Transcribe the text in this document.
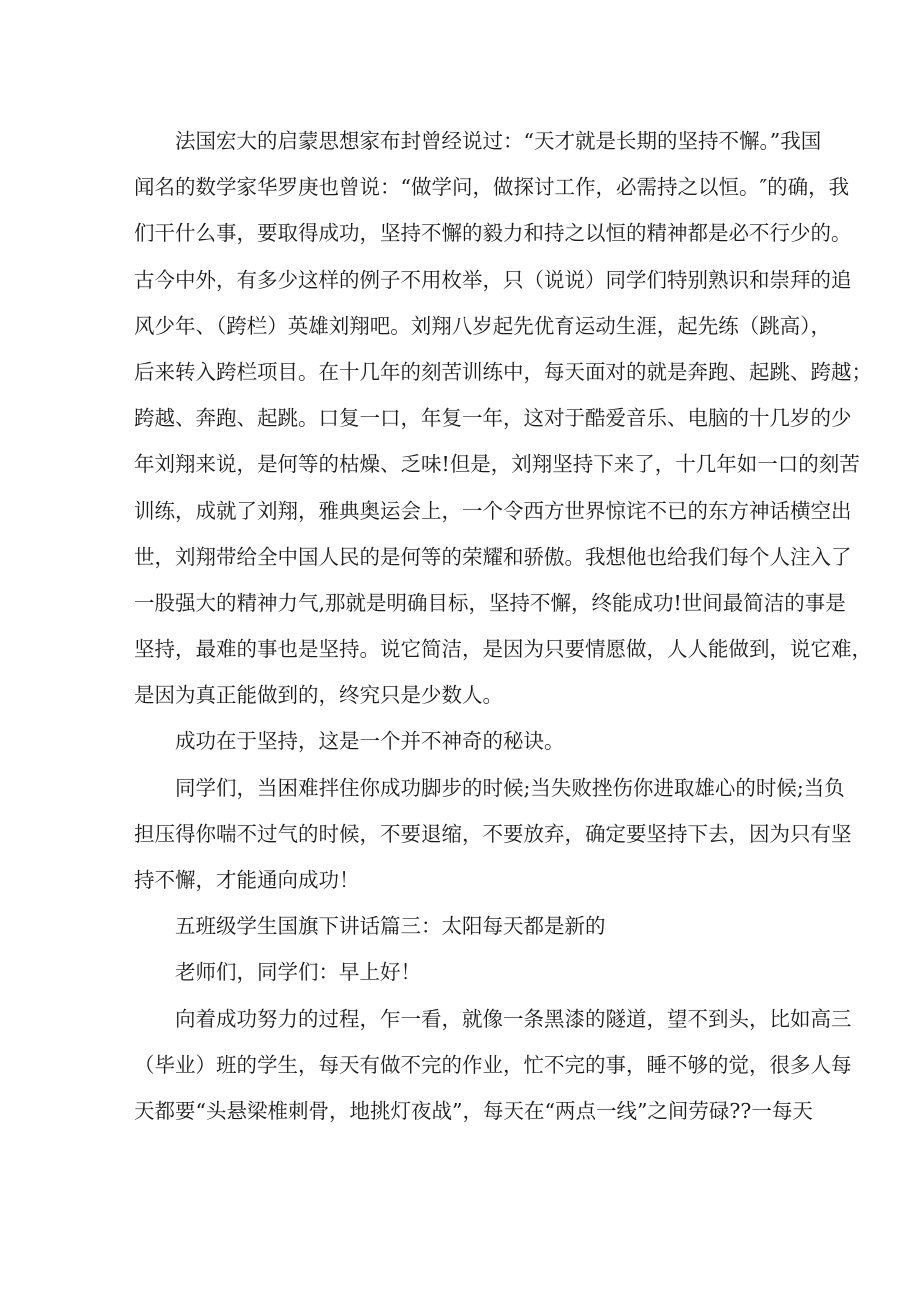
法国宏大的启蒙思想家布封曾经说过：“天才就是长期的坚持不懈。”我国
闻名的数学家华罗庚也曾说：“做学问，做探讨工作，必需持之以恒。″的确，我
们干什么事，要取得成功，坚持不懈的毅力和持之以恒的精神都是必不行少的。
古今中外，有多少这样的例子不用枚举，只（说说）同学们特别熟识和崇拜的追
风少年、（跨栏）英雄刘翔吧。刘翔八岁起先优育运动生涯，起先练（跳高），
后来转入跨栏项目。在十几年的刻苦训练中，每天面对的就是奔跑、起跳、跨越；
跨越、奔跑、起跳。口复一口，年复一年，这对于酷爱音乐、电脑的十几岁的少
年刘翔来说，是何等的枯燥、乏味!但是，刘翔坚持下来了，十几年如一口的刻苦
训练，成就了刘翔，雅典奥运会上，一个令西方世界惊诧不已的东方神话横空出
世，刘翔带给全中国人民的是何等的荣耀和骄傲。我想他也给我们每个人注入了
一股强大的精神力气,那就是明确目标，坚持不懈，终能成功!世间最简洁的事是
坚持，最难的事也是坚持。说它简洁，是因为只要情愿做，人人能做到，说它难，
是因为真正能做到的，终究只是少数人。
成功在于坚持，这是一个并不神奇的秘诀。
同学们，当困难拌住你成功脚步的时候;当失败挫伤你进取雄心的时候;当负
担压得你喘不过气的时候，不要退缩，不要放弃，确定要坚持下去，因为只有坚
持不懈，才能通向成功！
五班级学生国旗下讲话篇三：太阳每天都是新的
老师们，同学们：早上好！
向着成功努力的过程，乍一看，就像一条黑漆的隧道，望不到头，比如高三
（毕业）班的学生，每天有做不完的作业，忙不完的事，睡不够的觉，很多人每
天都要“头悬梁椎刺骨，地挑灯夜战”，每天在“两点一线”之间劳碌??一每天
